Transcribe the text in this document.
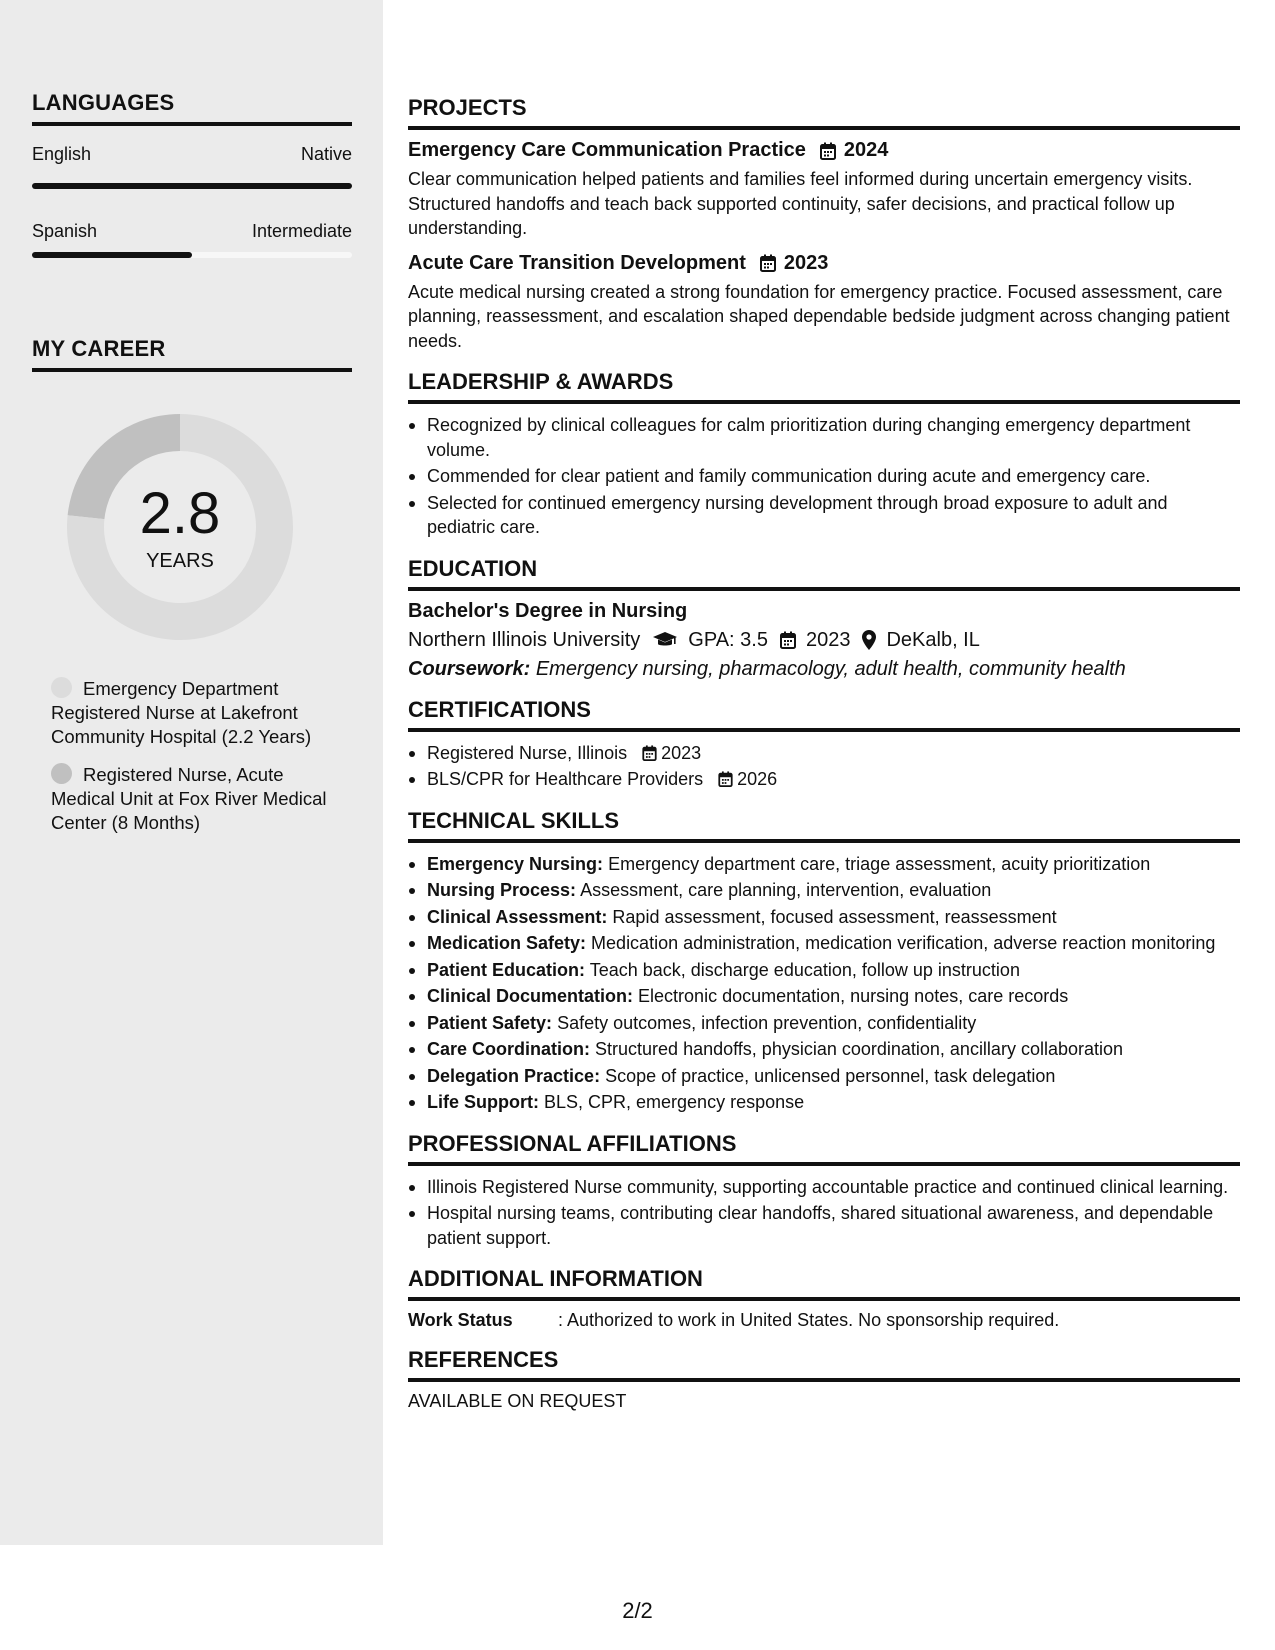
LANGUAGES
English	Native
Spanish	Intermediate
MY CAREER
2.8
YEARS
Emergency Department Registered Nurse at Lakefront Community Hospital (2.2 Years)
Registered Nurse, Acute Medical Unit at Fox River Medical Center (8 Months)
PROJECTS
Emergency Care Communication Practice 2024
Clear communication helped patients and families feel informed during uncertain emergency visits. Structured handoffs and teach back supported continuity, safer decisions, and practical follow up understanding.
Acute Care Transition Development 2023
Acute medical nursing created a strong foundation for emergency practice. Focused assessment, care planning, reassessment, and escalation shaped dependable bedside judgment across changing patient needs.
LEADERSHIP & AWARDS
Recognized by clinical colleagues for calm prioritization during changing emergency department volume.
Commended for clear patient and family communication during acute and emergency care.
Selected for continued emergency nursing development through broad exposure to adult and pediatric care.
EDUCATION
Bachelor's Degree in Nursing
Northern Illinois University GPA: 3.5 2023 DeKalb, IL
Coursework: Emergency nursing, pharmacology, adult health, community health
CERTIFICATIONS
Registered Nurse, Illinois 2023
BLS/CPR for Healthcare Providers 2026
TECHNICAL SKILLS
Emergency Nursing: Emergency department care, triage assessment, acuity prioritization
Nursing Process: Assessment, care planning, intervention, evaluation
Clinical Assessment: Rapid assessment, focused assessment, reassessment
Medication Safety: Medication administration, medication verification, adverse reaction monitoring
Patient Education: Teach back, discharge education, follow up instruction
Clinical Documentation: Electronic documentation, nursing notes, care records
Patient Safety: Safety outcomes, infection prevention, confidentiality
Care Coordination: Structured handoffs, physician coordination, ancillary collaboration
Delegation Practice: Scope of practice, unlicensed personnel, task delegation
Life Support: BLS, CPR, emergency response
PROFESSIONAL AFFILIATIONS
Illinois Registered Nurse community, supporting accountable practice and continued clinical learning.
Hospital nursing teams, contributing clear handoffs, shared situational awareness, and dependable patient support.
ADDITIONAL INFORMATION
Work Status	: Authorized to work in United States. No sponsorship required.
REFERENCES
AVAILABLE ON REQUEST
2/2
